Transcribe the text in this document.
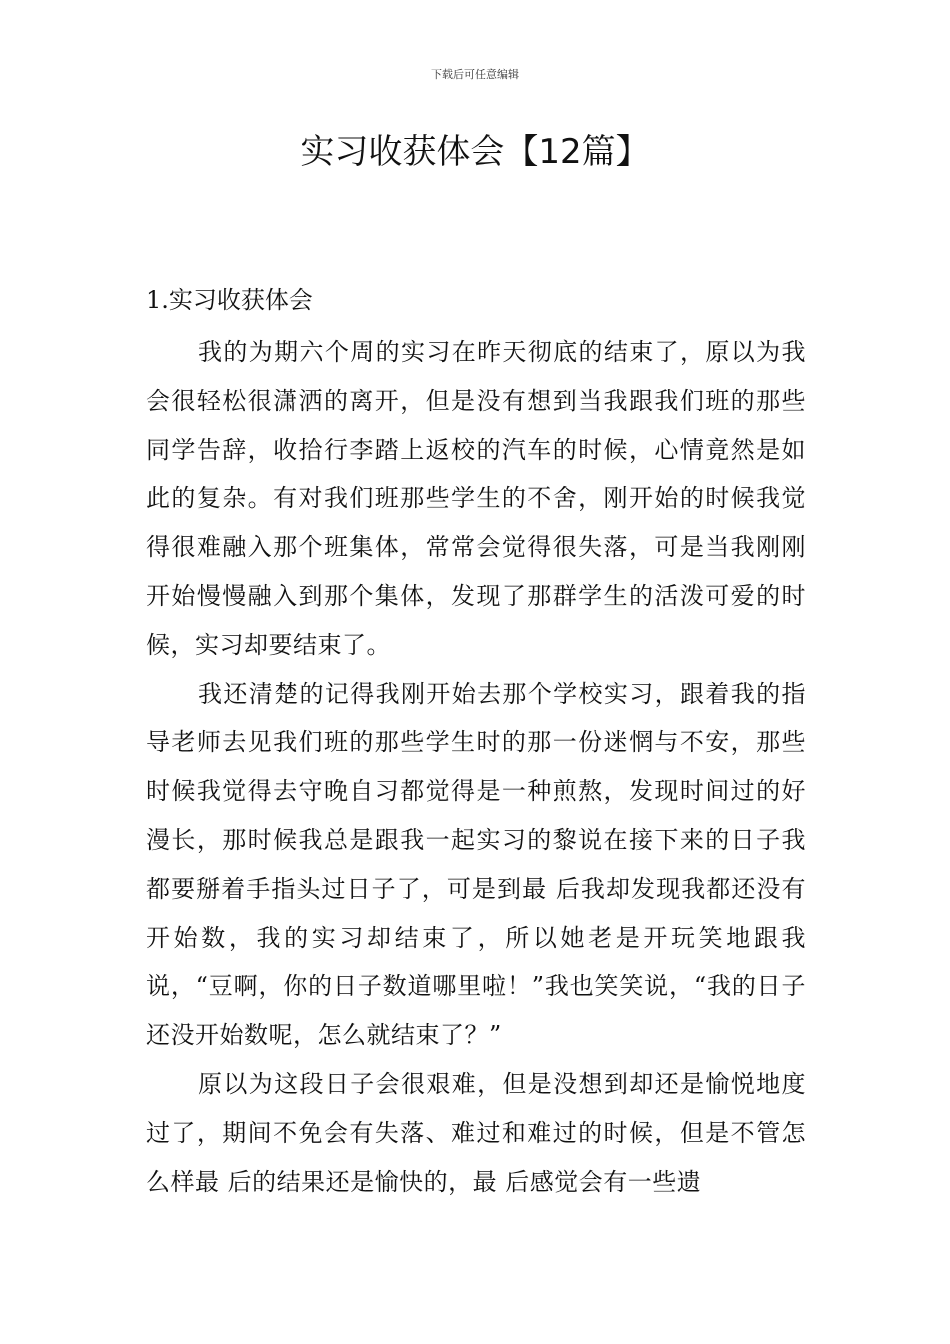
下载后可任意编辑
实习收获体会【12篇】
1.实习收获体会

我的为期六个周的实习在昨天彻底的结束了，原以为我会很轻松很潇洒的离开，但是没有想到当我跟我们班的那些同学告辞，收拾行李踏上返校的汽车的时候，心情竟然是如此的复杂。有对我们班那些学生的不舍，刚开始的时候我觉得很难融入那个班集体，常常会觉得很失落，可是当我刚刚开始慢慢融入到那个集体，发现了那群学生的活泼可爱的时候，实习却要结束了。

我还清楚的记得我刚开始去那个学校实习，跟着我的指导老师去见我们班的那些学生时的那一份迷惘与不安，那些时候我觉得去守晚自习都觉得是一种煎熬，发现时间过的好漫长，那时候我总是跟我一起实习的黎说在接下来的日子我都要掰着手指头过日子了，可是到最 后我却发现我都还没有开始数，我的实习却结束了，所以她老是开玩笑地跟我说，“豆啊，你的日子数道哪里啦！”我也笑笑说，“我的日子还没开始数呢，怎么就结束了？”

原以为这段日子会很艰难，但是没想到却还是愉悦地度过了，期间不免会有失落、难过和难过的时候，但是不管怎么样最 后的结果还是愉快的，最 后感觉会有一些遗
